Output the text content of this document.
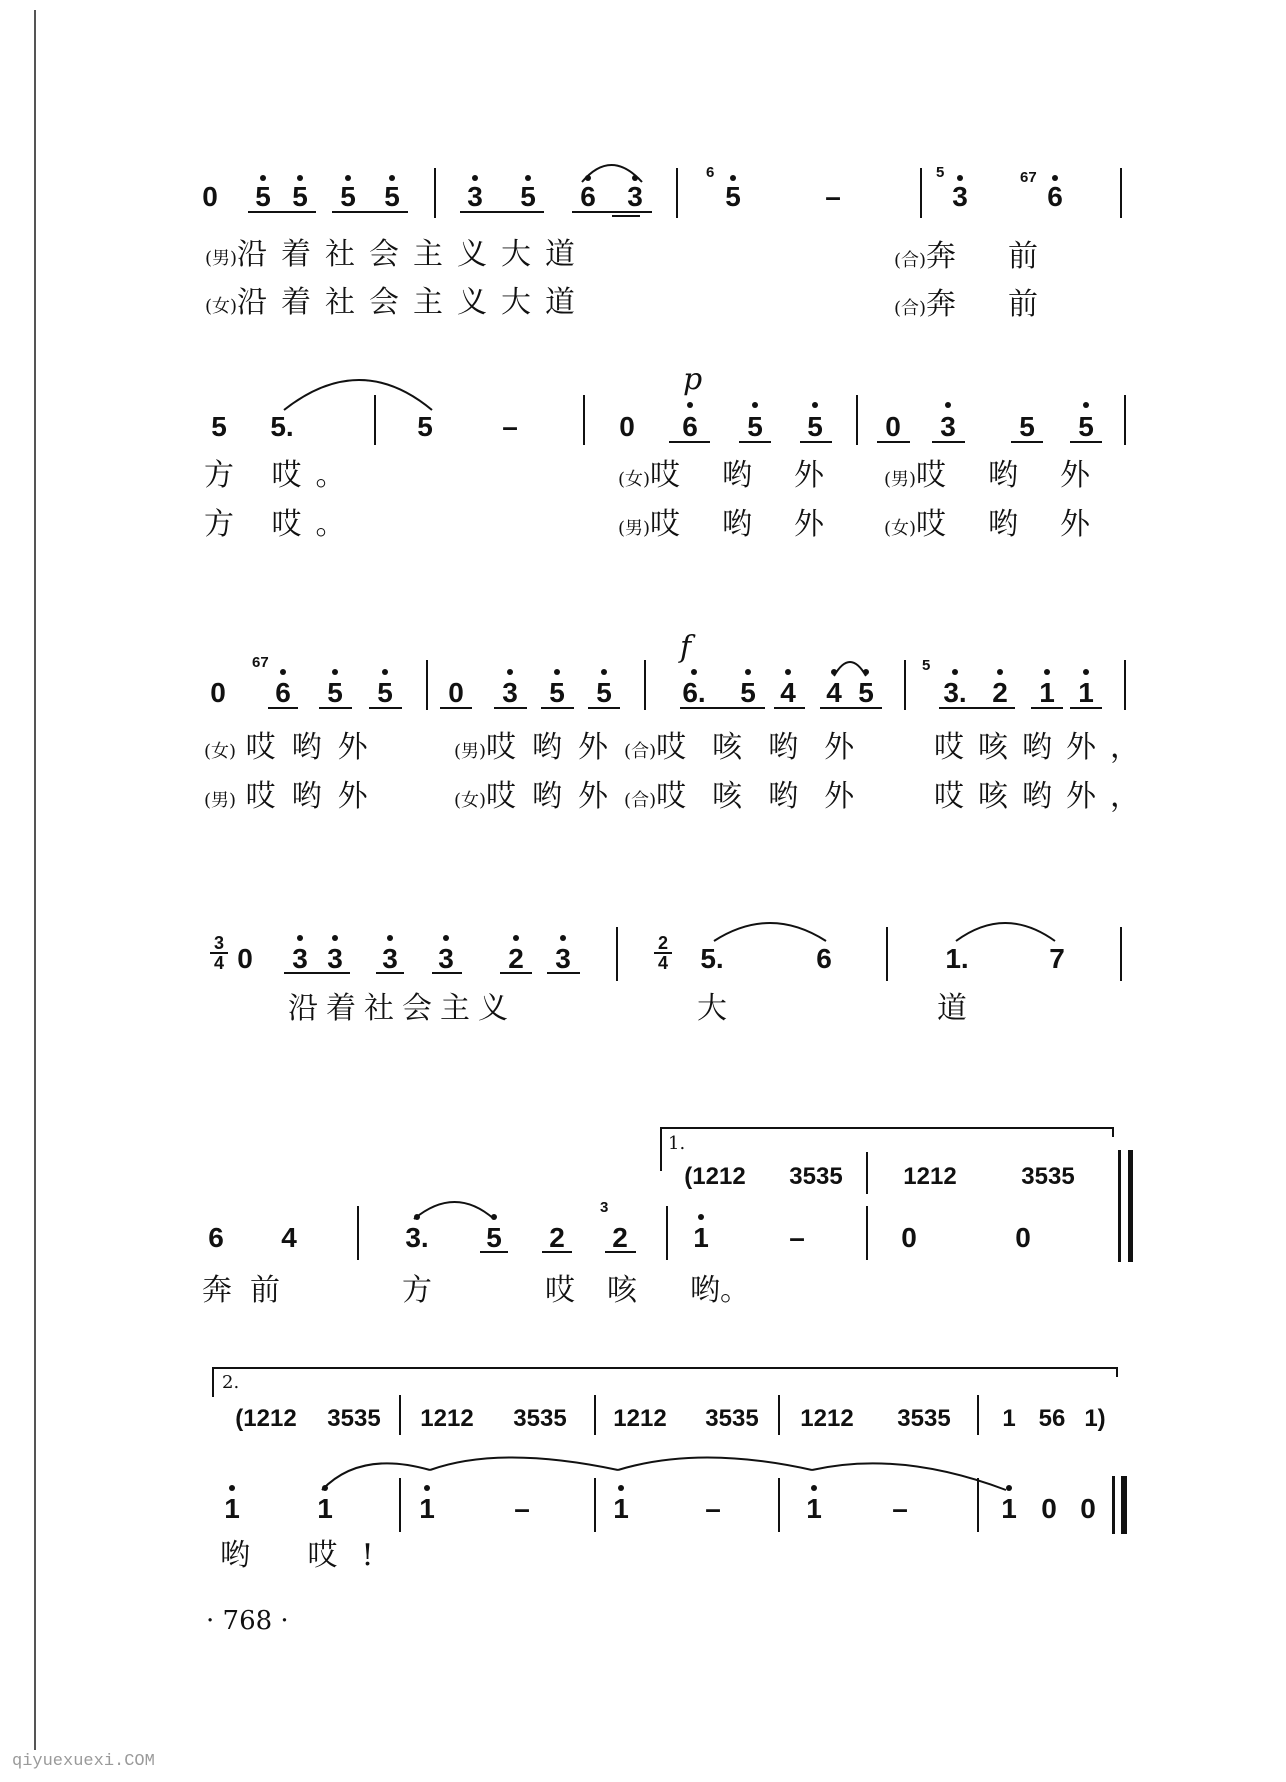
0 5 5 5 5 3 5 6 3
6
5	–
5
3
67
6
(男)沿着社会主义大道
(女)沿着社会主义大道
(合)奔前
(合)奔前
5 5.	5 –
p
0 6 5 5 0 3 5 5
方 哎。
方 哎。
(女)哎哟外 (男)哎哟外
(男)哎哟外 (女)哎哟外
0
67
6 5 5 0 3 5 5
f
6. 5 4 4 5
5
3. 2 1 1
(女) 哎哟外	(男)哎哟外(合)哎咳哟外 哎咳哟外，
(男) 哎哟外	(女)哎哟外(合)哎咳哟外 哎咳哟外，
3
4 0 3 3 3 3 2 3	2
4 5.	6	1.	7
沿着社会主义	大	道
1.
(1212 3535	1212	3535
6 4	3. 5 2
3
2 1	–	0	0
奔前	方	哎咳 哟。
2.
(1212 3535 1212 3535 1212 3535 1212 3535 1 56 1)
1	1	1	–	1	–	1	–	1 0 0
哟 哎!
· 768 ·
qiyuexuexi.COM
